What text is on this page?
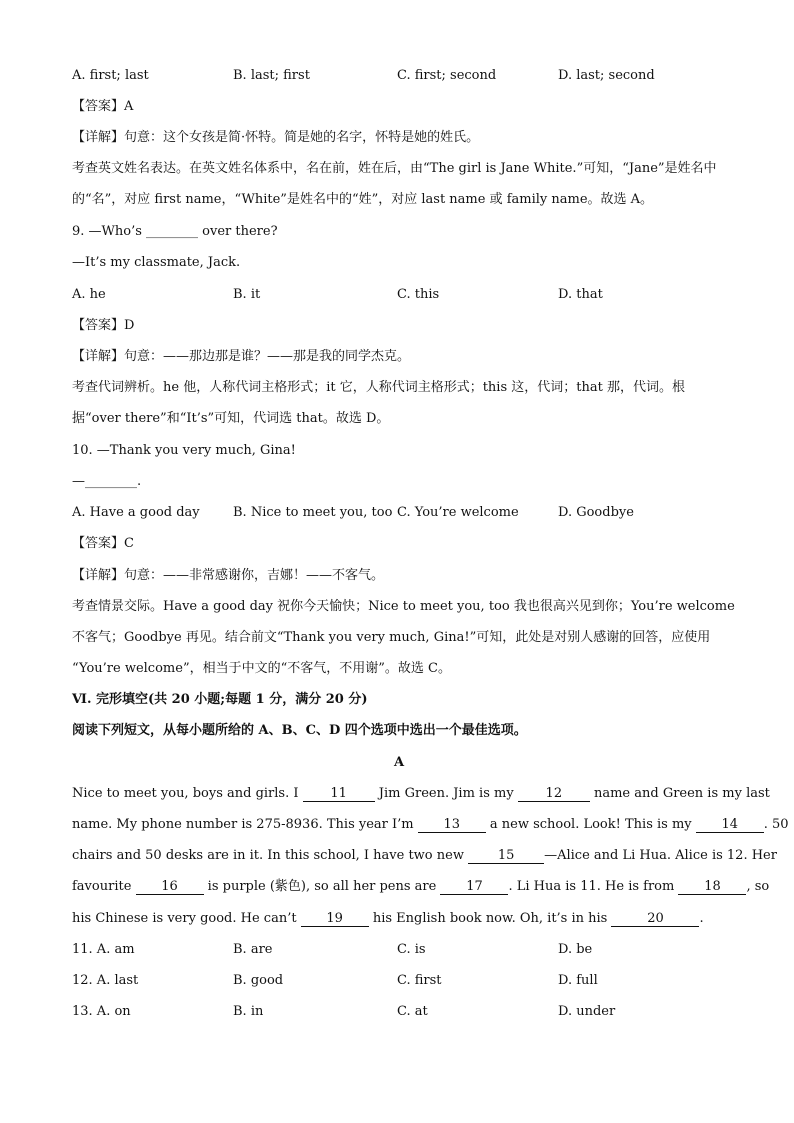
A. first; last	B. last; first	C. first; second	D. last; second
【答案】A
【详解】句意：这个女孩是简·怀特。简是她的名字，怀特是她的姓氏。
考查英文姓名表达。在英文姓名体系中，名在前，姓在后，由“The girl is Jane White.”可知，“Jane”是姓名中
的“名”，对应 first name，“White”是姓名中的“姓”，对应 last name 或 family name。故选 A。
9. —Who’s ________ over there?
—It’s my classmate, Jack.
A. he	B. it	C. this	D. that
【答案】D
【详解】句意：——那边那是谁？——那是我的同学杰克。
考查代词辨析。he 他，人称代词主格形式；it 它，人称代词主格形式；this 这，代词；that 那，代词。根
据“over there”和“It’s”可知，代词选 that。故选 D。
10. —Thank you very much, Gina!
—________.
A. Have a good day	B. Nice to meet you, too C. You’re welcome	D. Goodbye
【答案】C
【详解】句意：——非常感谢你，吉娜！——不客气。
考查情景交际。Have a good day 祝你今天愉快；Nice to meet you, too 我也很高兴见到你；You’re welcome
不客气；Goodbye 再见。结合前文“Thank you very much, Gina!”可知，此处是对别人感谢的回答，应使用
“You’re welcome”，相当于中文的“不客气，不用谢”。故选 C。
Ⅵ. 完形填空(共 20 小题;每题 1 分，满分 20 分)
阅读下列短文，从每小题所给的 A、B、C、D 四个选项中选出一个最佳选项。
A
Nice to meet you, boys and girls. I 11 Jim Green. Jim is my 12 name and Green is my last
name. My phone number is 275-8936. This year I’m 13 a new school. Look! This is my 14 . 50
chairs and 50 desks are in it. In this school, I have two new 15 —Alice and Li Hua. Alice is 12. Her
favourite 16 is purple (紫色), so all her pens are 17 . Li Hua is 11. He is from 18 , so
his Chinese is very good. He can’t 19 his English book now. Oh, it’s in his	20	.
11. A. am	B. are	C. is	D. be
12. A. last	B. good	C. first	D. full
13. A. on	B. in	C. at	D. under
